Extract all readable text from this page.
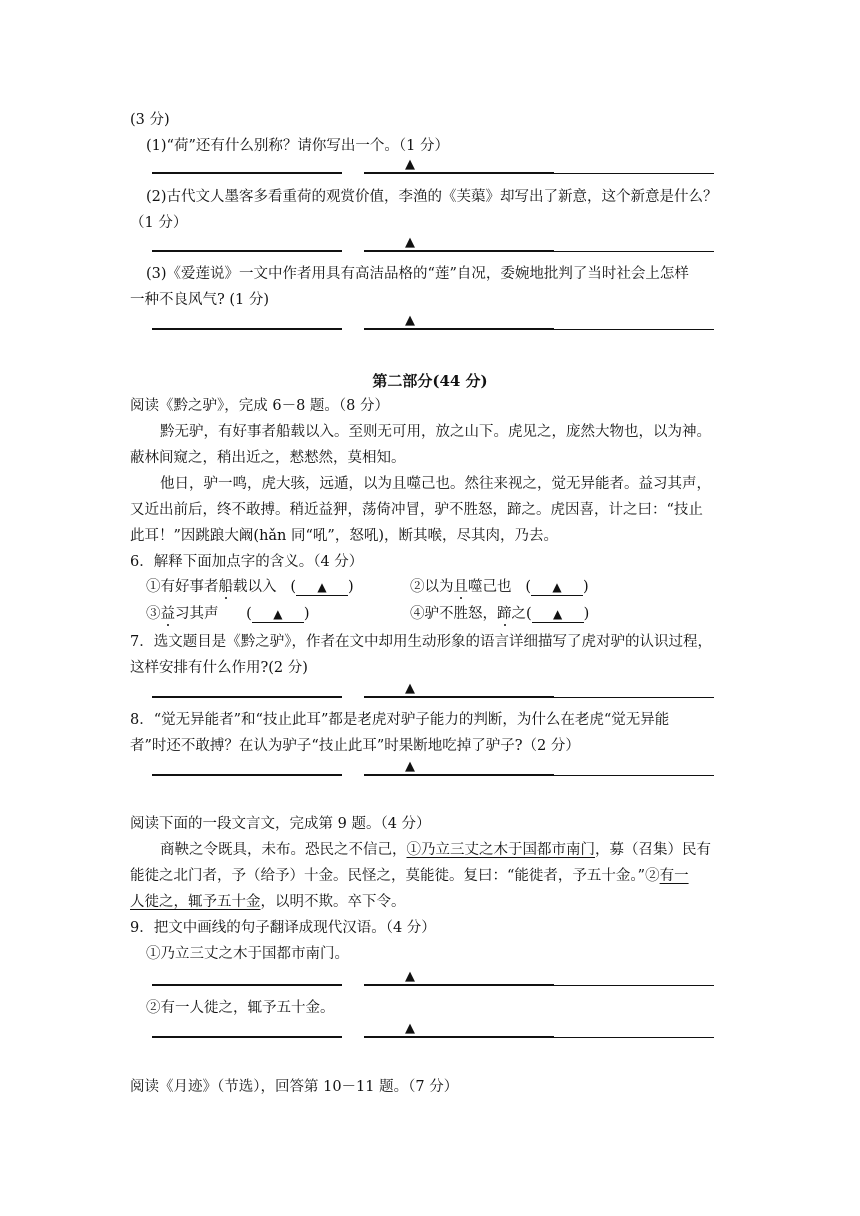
(3 分)
(1)“荷”还有什么别称？请你写出一个。（1 分）
▲
(2)古代文人墨客多看重荷的观赏价值，李渔的《芙蕖》却写出了新意，这个新意是什么？
（1 分）
▲
(3)《爱莲说》一文中作者用具有高洁品格的“莲”自况，委婉地批判了当时社会上怎样
一种不良风气? (1 分)
▲
第二部分(44 分)
阅读《黔之驴》，完成 6－8 题。（8 分）
黔无驴，有好事者船载以入。至则无可用，放之山下。虎见之，庞然大物也，以为神。
蔽林间窥之，稍出近之，慭慭然，莫相知。
他日，驴一鸣，虎大骇，远遁，以为且噬己也。然往来视之，觉无异能者。益习其声，
又近出前后，终不敢搏。稍近益狎，荡倚冲冒，驴不胜怒，蹄之。虎因喜，计之曰：“技止
此耳！”因跳踉大阚(hǎn 同“吼”，怒吼)，断其喉，尽其肉，乃去。
6．解释下面加点字的含义。（4 分）
①有好事者船载以入   ( ▲ )	②以为且噬己也   ( ▲ )
③益习其声      ( ▲ )	④驴不胜怒，蹄之( ▲ )
7．选文题目是《黔之驴》，作者在文中却用生动形象的语言详细描写了虎对驴的认识过程，
这样安排有什么作用?(2 分)
▲
8．“觉无异能者”和“技止此耳”都是老虎对驴子能力的判断，为什么在老虎“觉无异能
者”时还不敢搏？在认为驴子“技止此耳”时果断地吃掉了驴子?（2 分）
▲
阅读下面的一段文言文，完成第 9 题。（4 分）
商鞅之令既具，未布。恐民之不信己，①乃立三丈之木于国都市南门，募（召集）民有
能徙之北门者，予（给予）十金。民怪之，莫能徙。复曰：“能徙者，予五十金。”②有一
人徙之，辄予五十金，以明不欺。卒下令。
9．把文中画线的句子翻译成现代汉语。（4 分）
①乃立三丈之木于国都市南门。
▲
②有一人徙之，辄予五十金。
▲
阅读《月迹》（节选），回答第 10－11 题。（7 分）
